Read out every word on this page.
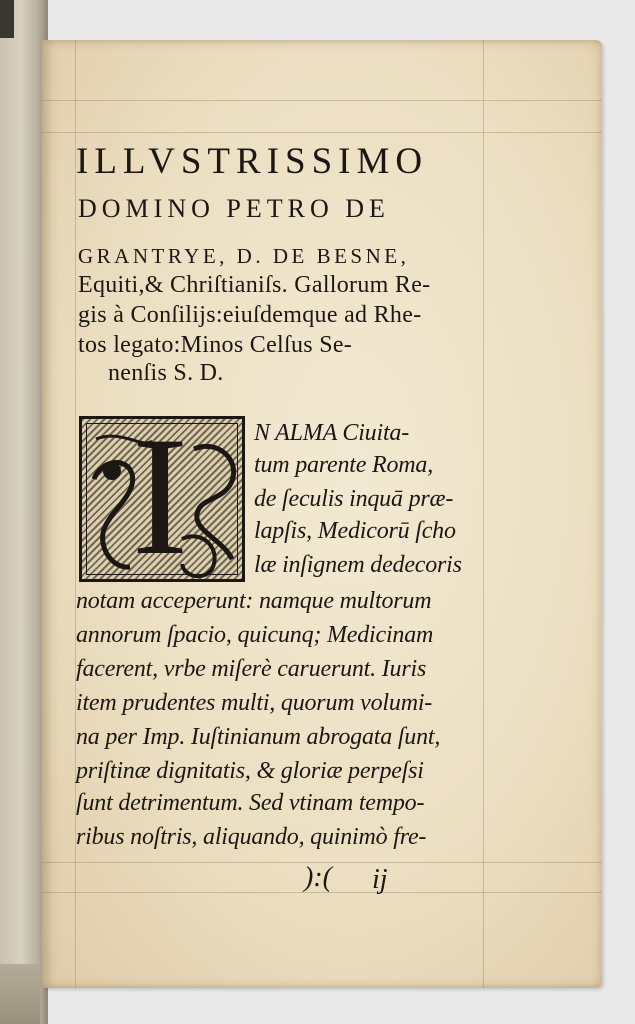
ILLVSTRISSIMO
DOMINO PETRO DE
GRANTRYE, D. DE BESNE,
Equiti,& Chriſtianiſs. Gallorum Re-
gis à Conſilijs:eiuſdemque ad Rhe-
tos legato:Minos Celſus Se-
nenſis S. D.
I	N ALMA Ciuita-
tum parente Roma,
de ſeculis inquā præ-
lapſis, Medicorū ſcho
læ inſignem dedecoris
notam acceperunt: namque multorum
annorum ſpacio, quicunq; Medicinam
facerent, vrbe miſerè caruerunt. Iuris
item prudentes multi, quorum volumi-
na per Imp. Iuſtinianum abrogata ſunt,
priſtinæ dignitatis, & gloriæ perpeſsi
ſunt detrimentum. Sed vtinam tempo-
ribus noſtris, aliquando, quinimò fre-
):( ij
